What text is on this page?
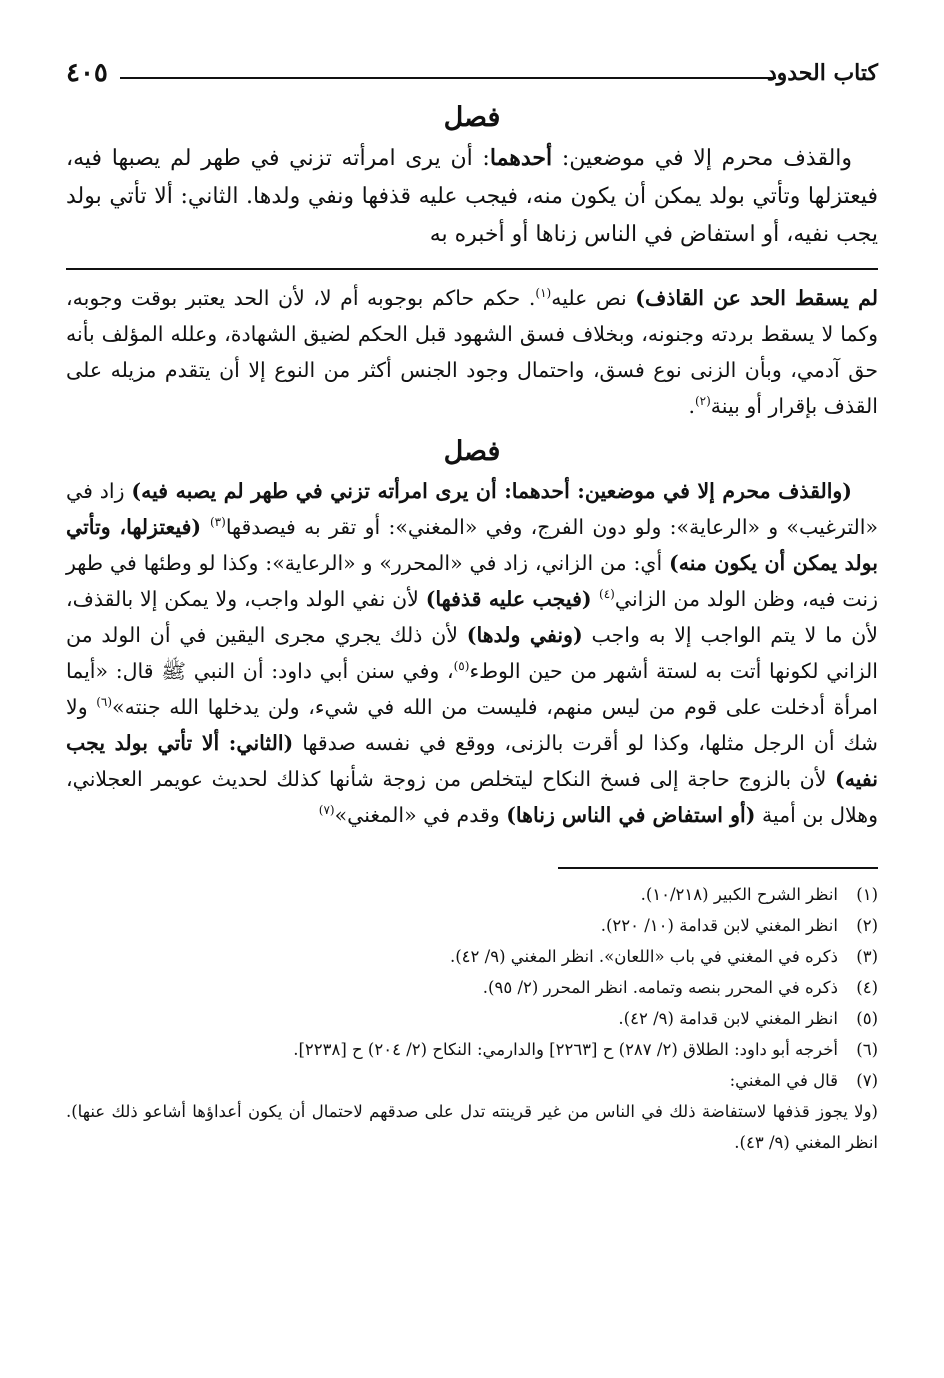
كتاب الحدود
٤٠٥
فصل

والقذف محرم إلا في موضعين: أحدهما: أن يرى امرأته تزني في طهر لم يصبها فيه، فيعتزلها وتأتي بولد يمكن أن يكون منه، فيجب عليه قذفها ونفي ولدها. الثاني: ألا تأتي بولد يجب نفيه، أو استفاض في الناس زناها أو أخبره به

لم يسقط الحد عن القاذف) نص عليه$^{(١)}$. حكم حاكم بوجوبه أم لا، لأن الحد يعتبر بوقت وجوبه، وكما لا يسقط بردته وجنونه، وبخلاف فسق الشهود قبل الحكم لضيق الشهادة، وعلله المؤلف بأنه حق آدمي، وبأن الزنى نوع فسق، واحتمال وجود الجنس أكثر من النوع إلا أن يتقدم مزيله على القذف بإقرار أو بينة$^{(٢)}$.

فصل

(والقذف محرم إلا في موضعين: أحدهما: أن يرى امرأته تزني في طهر لم يصبه فيه) زاد في «الترغيب» و «الرعاية»: ولو دون الفرج، وفي «المغني»: أو تقر به فيصدقها$^{(٣)}$ (فيعتزلها، وتأتي بولد يمكن أن يكون منه) أي: من الزاني، زاد في «المحرر» و «الرعاية»: وكذا لو وطئها في طهر زنت فيه، وظن الولد من الزاني$^{(٤)}$ (فيجب عليه قذفها) لأن نفي الولد واجب، ولا يمكن إلا بالقذف، لأن ما لا يتم الواجب إلا به واجب (ونفي ولدها) لأن ذلك يجري مجرى اليقين في أن الولد من الزاني لكونها أتت به لستة أشهر من حين الوطء$^{(٥)}$، وفي سنن أبي داود: أن النبي ﷺ قال: «أيما امرأة أدخلت على قوم من ليس منهم، فليست من الله في شيء، ولن يدخلها الله جنته»$^{(٦)}$ ولا شك أن الرجل مثلها، وكذا لو أقرت بالزنى، ووقع في نفسه صدقها (الثاني: ألا تأتي بولد يجب نفيه) لأن بالزوج حاجة إلى فسخ النكاح ليتخلص من زوجة شأنها كذلك لحديث عويمر العجلاني، وهلال بن أمية (أو استفاض في الناس زناها) وقدم في «المغني»$^{(٧)}$

(١)
انظر الشرح الكبير (١٠/٢١٨).
(٢)
انظر المغني لابن قدامة (١٠/ ٢٢٠).
(٣)
ذكره في المغني في باب «اللعان». انظر المغني (٩/ ٤٢).
(٤)
ذكره في المحرر بنصه وتمامه. انظر المحرر (٢/ ٩٥).
(٥)
انظر المغني لابن قدامة (٩/ ٤٢).
(٦)
أخرجه أبو داود: الطلاق (٢/ ٢٨٧) ح [٢٢٦٣] والدارمي: النكاح (٢/ ٢٠٤) ح [٢٢٣٨].
(٧)
قال في المغني:
(ولا يجوز قذفها لاستفاضة ذلك في الناس من غير قرينته تدل على صدقهم لاحتمال أن يكون أعداؤها أشاعو ذلك عنها). انظر المغني (٩/ ٤٣).
